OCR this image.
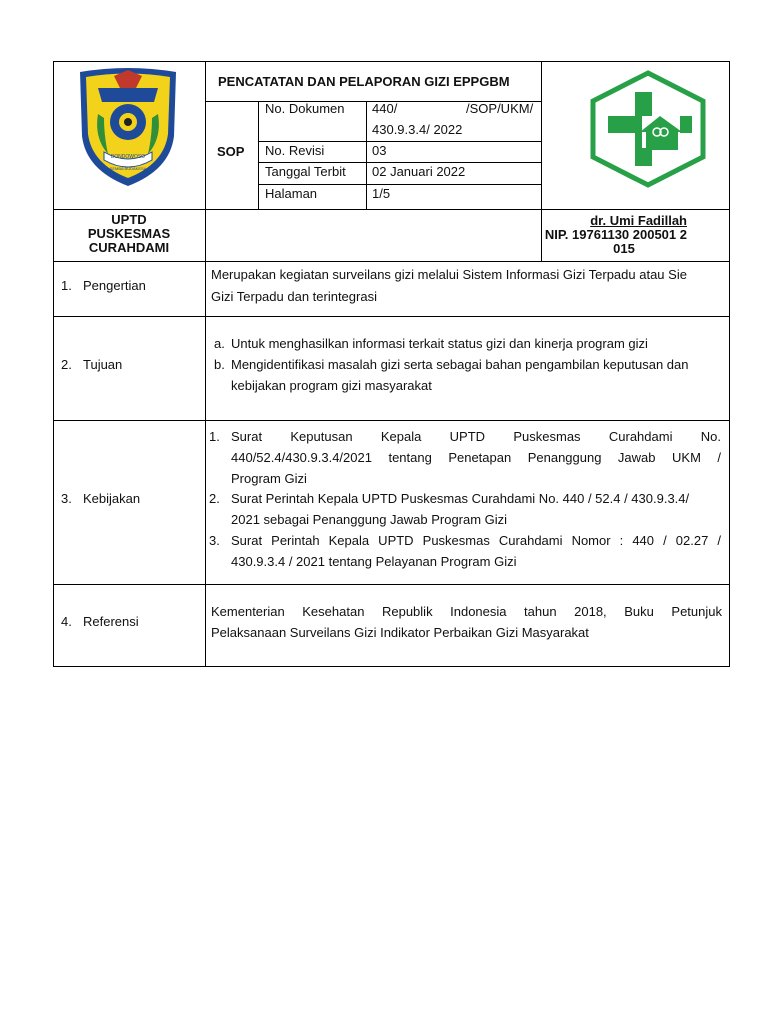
BONDOWOSO
SEMBA BUDAKESA
PENCATATAN DAN PELAPORAN GIZI EPPGBM
SOP
No. Dokumen 440/	/SOP/UKM/
430.9.3.4/ 2022
No. Revisi	03
Tanggal Terbit 02 Januari 2022
Halaman	1/5
UPTD
PUSKESMAS
CURAHDAMI
dr. Umi Fadillah
NIP. 19761130 200501 2
015
1. Pengertian
Merupakan kegiatan surveilans gizi melalui Sistem Informasi Gizi Terpadu atau Sie
Gizi Terpadu dan terintegrasi
2. Tujuan
a. Untuk menghasilkan informasi terkait status gizi dan kinerja program gizi
b. Mengidentifikasi masalah gizi serta sebagai bahan pengambilan keputusan dan
kebijakan program gizi masyarakat
3. Kebijakan
1. Surat Keputusan Kepala UPTD Puskesmas Curahdami No.
440/52.4/430.9.3.4/2021 tentang Penetapan Penanggung Jawab UKM /
Program Gizi
2. Surat Perintah Kepala UPTD Puskesmas Curahdami No. 440 / 52.4 / 430.9.3.4/
2021 sebagai Penanggung Jawab Program Gizi
3. Surat Perintah Kepala UPTD Puskesmas Curahdami Nomor : 440 / 02.27 /
430.9.3.4 / 2021 tentang Pelayanan Program Gizi
4. Referensi
Kementerian Kesehatan Republik Indonesia tahun 2018, Buku Petunjuk
Pelaksanaan Surveilans Gizi Indikator Perbaikan Gizi Masyarakat
